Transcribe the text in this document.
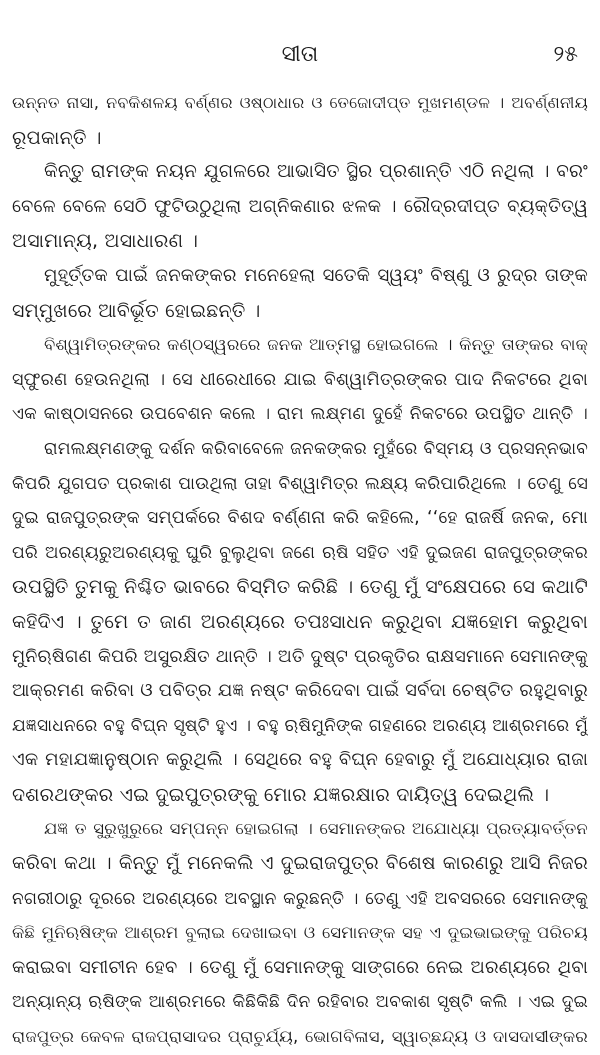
ସୀତା	୨୫
ଉନ୍ନତ ନାସା, ନବକିଶଳୟ ବର୍ଣ୍ଣର ଓଷ୍ଠାଧାର ଓ ତେଜୋଦୀପ୍ତ ମୁଖମଣ୍ଡଳ । ଅବର୍ଣ୍ଣନୀୟ
ରୂପକାନ୍ତି ।
କିନ୍ତୁ ରାମଙ୍କ ନୟନ ଯୁଗଳରେ ଆଭାସିତ ସ୍ଥିର ପ୍ରଶାନ୍ତି ଏଠି ନଥିଲା । ବରଂ
ବେଳେ ବେଳେ ସେଠି ଫୁଟିଉଠୁଥିଲା ଅଗ୍ନିକଣାର ଝଳକ । ରୌଦ୍ରଦୀପ୍ତ ବ୍ୟକ୍ତିତ୍ୱ
ଅସାମାନ୍ୟ, ଅସାଧାରଣ ।
ମୁହୂର୍ତ୍ତକ ପାଇଁ ଜନକଙ୍କର ମନେହେଲା ସତେକି ସ୍ୱୟଂ ବିଷ୍ଣୁ ଓ ରୁଦ୍ର ତାଙ୍କ
ସମ୍ମୁଖରେ ଆବିର୍ଭୂତ ହୋଇଛନ୍ତି ।
ବିଶ୍ୱାମିତ୍ରଙ୍କର କଣ୍ଠସ୍ୱରରେ ଜନକ ଆତ୍ମସ୍ଥ ହୋଇଗଲେ । କିନ୍ତୁ ତାଙ୍କର ବାକ୍
ସ୍ଫୁରଣ ହେଉନଥିଲା । ସେ ଧୀରେଧୀରେ ଯାଇ ବିଶ୍ୱାମିତ୍ରଙ୍କର ପାଦ ନିକଟରେ ଥିବା
ଏକ କାଷ୍ଠାସନରେ ଉପବେଶନ କଲେ । ରାମ ଲକ୍ଷ୍ମଣ ଦୁହେଁ ନିକଟରେ ଉପସ୍ଥିତ ଥାନ୍ତି ।
ରାମଲକ୍ଷ୍ମଣଙ୍କୁ ଦର୍ଶନ କରିବାବେଳେ ଜନକଙ୍କର ମୁହଁରେ ବିସ୍ମୟ ଓ ପ୍ରସନ୍ନଭାବ
କିପରି ଯୁଗପତ ପ୍ରକାଶ ପାଉଥିଲା ତାହା ବିଶ୍ୱାମିତ୍ର ଲକ୍ଷ୍ୟ କରିପାରିଥିଲେ । ତେଣୁ ସେ
ଦୁଇ ରାଜପୁତ୍ରଙ୍କ ସମ୍ପର୍କରେ ବିଶଦ ବର୍ଣ୍ଣନା କରି କହିଲେ, ‘‘ହେ ରାଜର୍ଷି ଜନକ, ମୋ
ପରି ଅରଣ୍ୟରୁଅରଣ୍ୟକୁ ଘୁରି ବୁଲୁଥିବା ଜଣେ ଋଷି ସହିତ ଏହି ଦୁଇଜଣ ରାଜପୁତ୍ରଙ୍କର
ଉପସ୍ଥିତି ତୁମକୁ ନିଶ୍ଚିତ ଭାବରେ ବିସ୍ମିତ କରିଛି । ତେଣୁ ମୁଁ ସଂକ୍ଷେପରେ ସେ କଥାଟି
କହିଦିଏ । ତୁମେ ତ ଜାଣ ଅରଣ୍ୟରେ ତପଃସାଧନ କରୁଥିବା ଯଜ୍ଞହୋମ କରୁଥିବା
ମୁନିଋଷିଗଣ କିପରି ଅସୁରକ୍ଷିତ ଥାନ୍ତି । ଅତି ଦୁଷ୍ଟ ପ୍ରକୃତିର ରାକ୍ଷସମାନେ ସେମାନଙ୍କୁ
ଆକ୍ରମଣ କରିବା ଓ ପବିତ୍ର ଯଜ୍ଞ ନଷ୍ଟ କରିଦେବା ପାଇଁ ସର୍ବଦା ଚେଷ୍ଟିତ ରହୁଥିବାରୁ
ଯଜ୍ଞସାଧନରେ ବହୁ ବିଘ୍ନ ସୃଷ୍ଟି ହୁଏ । ବହୁ ଋଷିମୁନିଙ୍କ ଗହଣରେ ଅରଣ୍ୟ ଆଶ୍ରମରେ ମୁଁ
ଏକ ମହାଯଜ୍ଞାନୁଷ୍ଠାନ କରୁଥିଲି । ସେଥିରେ ବହୁ ବିଘ୍ନ ହେବାରୁ ମୁଁ ଅଯୋଧ୍ୟାର ରାଜା
ଦଶରଥଙ୍କର ଏଇ ଦୁଇପୁତ୍ରଙ୍କୁ ମୋର ଯଜ୍ଞରକ୍ଷାର ଦାୟିତ୍ୱ ଦେଇଥିଲି ।
ଯଜ୍ଞ ତ ସୁରୁଖୁରୁରେ ସମ୍ପନ୍ନ ହୋଇଗଲା । ସେମାନଙ୍କର ଅଯୋଧ୍ୟା ପ୍ରତ୍ୟାବର୍ତ୍ତନ
କରିବା କଥା । କିନ୍ତୁ ମୁଁ ମନେକଲି ଏ ଦୁଇରାଜପୁତ୍ର ବିଶେଷ କାରଣରୁ ଆସି ନିଜର
ନଗରୀଠାରୁ ଦୂରରେ ଅରଣ୍ୟରେ ଅବସ୍ଥାନ କରୁଛନ୍ତି । ତେଣୁ ଏହି ଅବସରରେ ସେମାନଙ୍କୁ
କିଛି ମୁନିଋଷିଙ୍କ ଆଶ୍ରମ ବୁଲାଇ ଦେଖାଇବା ଓ ସେମାନଙ୍କ ସହ ଏ ଦୁଇଭାଇଙ୍କୁ ପରିଚୟ
କରାଇବା ସମୀଚୀନ ହେବ । ତେଣୁ ମୁଁ ସେମାନଙ୍କୁ ସାଙ୍ଗରେ ନେଇ ଅରଣ୍ୟରେ ଥିବା
ଅନ୍ୟାନ୍ୟ ଋଷିଙ୍କ ଆଶ୍ରମରେ କିଛିକିଛି ଦିନ ରହିବାର ଅବକାଶ ସୃଷ୍ଟି କଲି । ଏଇ ଦୁଇ
ରାଜପୁତ୍ର କେବଳ ରାଜପ୍ରାସାଦର ପ୍ରାଚୁର୍ଯ୍ୟ, ଭୋଗବିଳାସ, ସ୍ୱାଚ୍ଛନ୍ଦ୍ୟ ଓ ଦାସଦାସୀଙ୍କର
